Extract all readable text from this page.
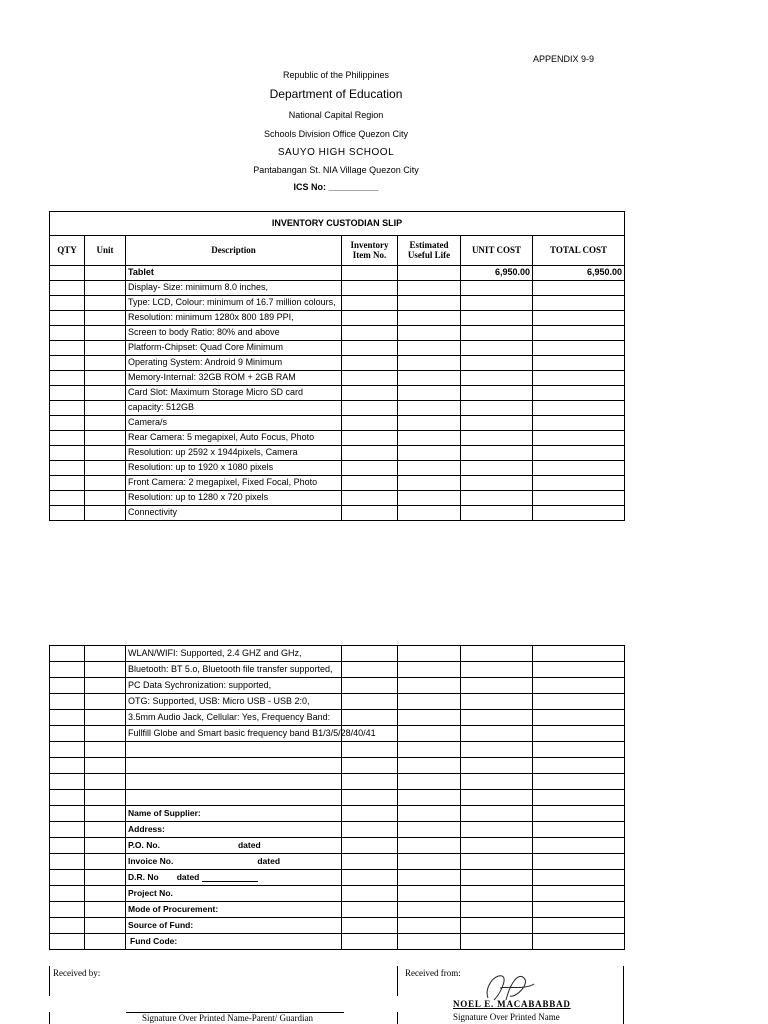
APPENDIX 9-9
Republic of the Philippines
Department of Education
National Capital Region
Schools Division Office Quezon City
SAUYO HIGH SCHOOL
Pantabangan St. NIA Village Quezon City
ICS No: __________
INVENTORY CUSTODIAN SLIP						
QTY	Unit	Description	Inventory Item No.	Estimated Useful Life	UNIT COST	TOTAL COST
		Tablet			6,950.00	6,950.00
		Display- Size: minimum 8.0 inches,				
		Type: LCD, Colour: minimum of 16.7 million colours,				
		Resolution: minimum 1280x 800 189 PPI,				
		Screen to body Ratio: 80% and above				
		Platform-Chipset: Quad Core Minimum				
		Operating System: Android 9 Minimum				
		Memory-Internal: 32GB ROM + 2GB RAM				
		Card Slot: Maximum Storage Micro SD card				
		capacity: 512GB				
		Camera/s				
		Rear Camera: 5 megapixel, Auto Focus, Photo				
		Resolution: up 2592 x 1944pixels, Camera				
		Resolution: up to 1920 x 1080 pixels				
		Front Camera: 2 megapixel, Fixed Focal, Photo				
		Resolution: up to 1280 x 720 pixels				
		Connectivity				
		WLAN/WIFI: Supported, 2.4 GHZ and GHz,				
		Bluetooth: BT 5.o, Bluetooth file transfer supported,				
		PC Data Sychronization: supported,				
		OTG: Supported, USB: Micro USB - USB 2:0,				
		3.5mm Audio Jack, Cellular: Yes, Frequency Band:				
		Fullfill Globe and Smart basic frequency band B1/3/5/28/40/41				

		Name of Supplier:				
		Address:				
		P.O. No. dated				
		Invoice No. dated				
		D.R. No dated				
		Project No.				
		Mode of Procurement:				
		Source of Fund:				
		Fund Code:				
Received by:	Received from:
NOEL E. MACABABBAD
Signature Over Printed Name-Parent/ Guardian	Signature Over Printed Name
